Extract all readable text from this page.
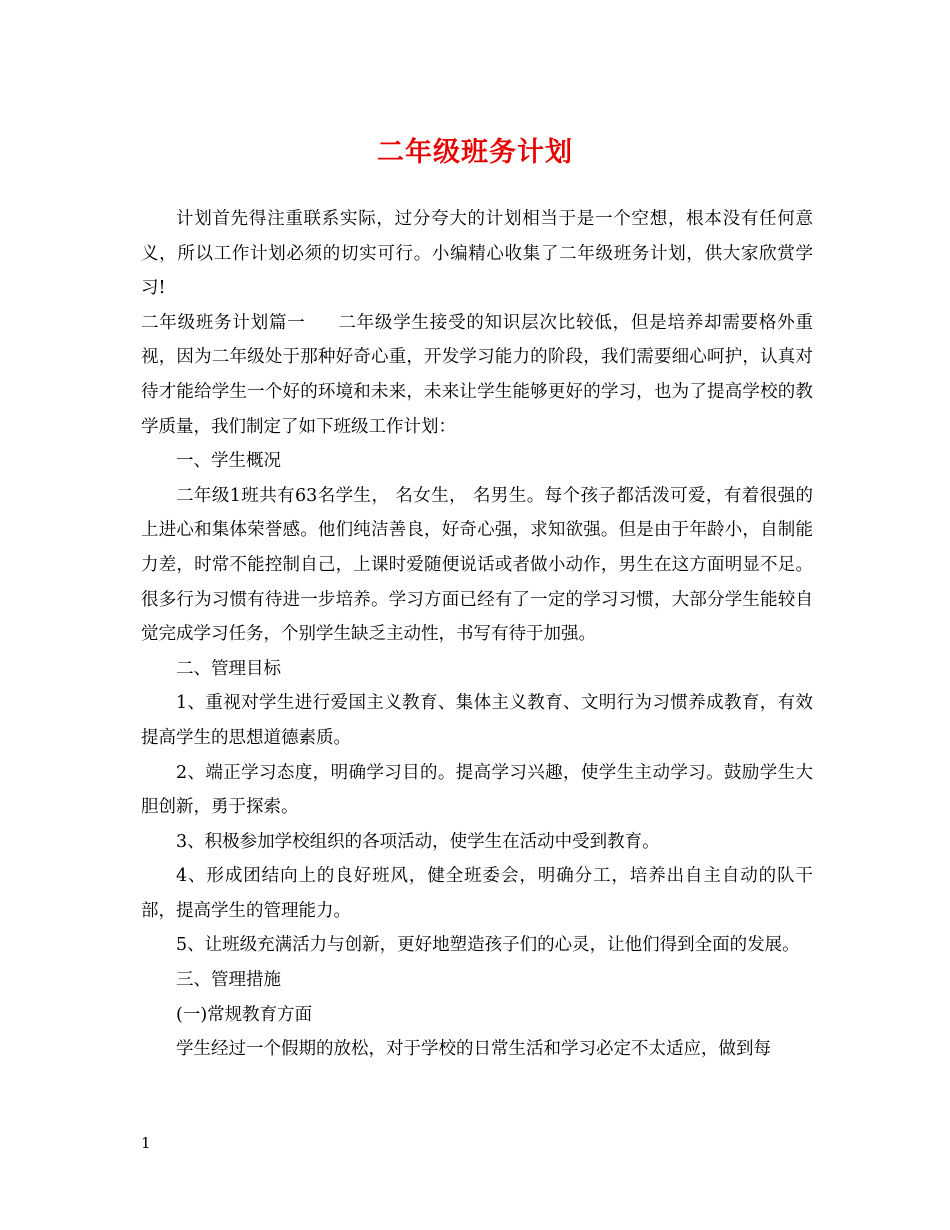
二年级班务计划

计划首先得注重联系实际，过分夸大的计划相当于是一个空想，根本没有任何意义，所以工作计划必须的切实可行。小编精心收集了二年级班务计划，供大家欣赏学习!

二年级班务计划篇一 二年级学生接受的知识层次比较低，但是培养却需要格外重视，因为二年级处于那种好奇心重，开发学习能力的阶段，我们需要细心呵护，认真对待才能给学生一个好的环境和未来，未来让学生能够更好的学习，也为了提高学校的教学质量，我们制定了如下班级工作计划：

一、学生概况

二年级1班共有63名学生， 名女生， 名男生。每个孩子都活泼可爱，有着很强的上进心和集体荣誉感。他们纯洁善良，好奇心强，求知欲强。但是由于年龄小，自制能力差，时常不能控制自己，上课时爱随便说话或者做小动作，男生在这方面明显不足。很多行为习惯有待进一步培养。学习方面已经有了一定的学习习惯，大部分学生能较自觉完成学习任务，个别学生缺乏主动性，书写有待于加强。

二、管理目标

1、重视对学生进行爱国主义教育、集体主义教育、文明行为习惯养成教育，有效提高学生的思想道德素质。

2、端正学习态度，明确学习目的。提高学习兴趣，使学生主动学习。鼓励学生大胆创新，勇于探索。

3、积极参加学校组织的各项活动，使学生在活动中受到教育。

4、形成团结向上的良好班风，健全班委会，明确分工，培养出自主自动的队干部，提高学生的管理能力。

5、让班级充满活力与创新，更好地塑造孩子们的心灵，让他们得到全面的发展。

三、管理措施

(一)常规教育方面

学生经过一个假期的放松，对于学校的日常生活和学习必定不太适应，做到每

1
